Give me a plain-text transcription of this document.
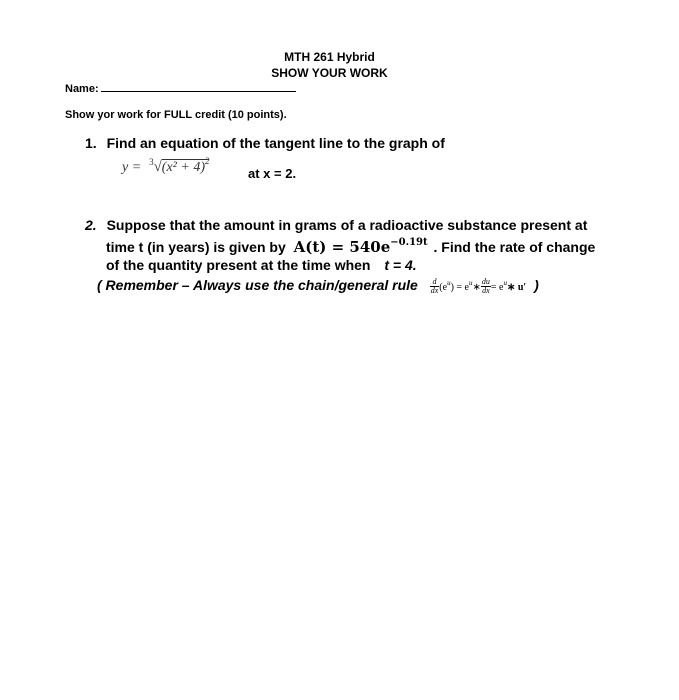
MTH 261 Hybrid
SHOW YOUR WORK
Name:
Show yor work for FULL credit (10 points).
1. Find an equation of the tangent line to the graph of
$y = ^3√(x^2 + 4)^2$
at x = 2.
2. Suppose that the amount in grams of a radioactive substance present at
time t (in years) is given by $A(t) = 540e^{-0.19t}$ . Find the rate of change
of the quantity present at the time when t = 4.
( Remember – Always use the chain/general rule $\frac{d}{dx} (e^u)$ = $e^u∗ \frac{du}{dx}$ = $e^u∗$ u′ )
